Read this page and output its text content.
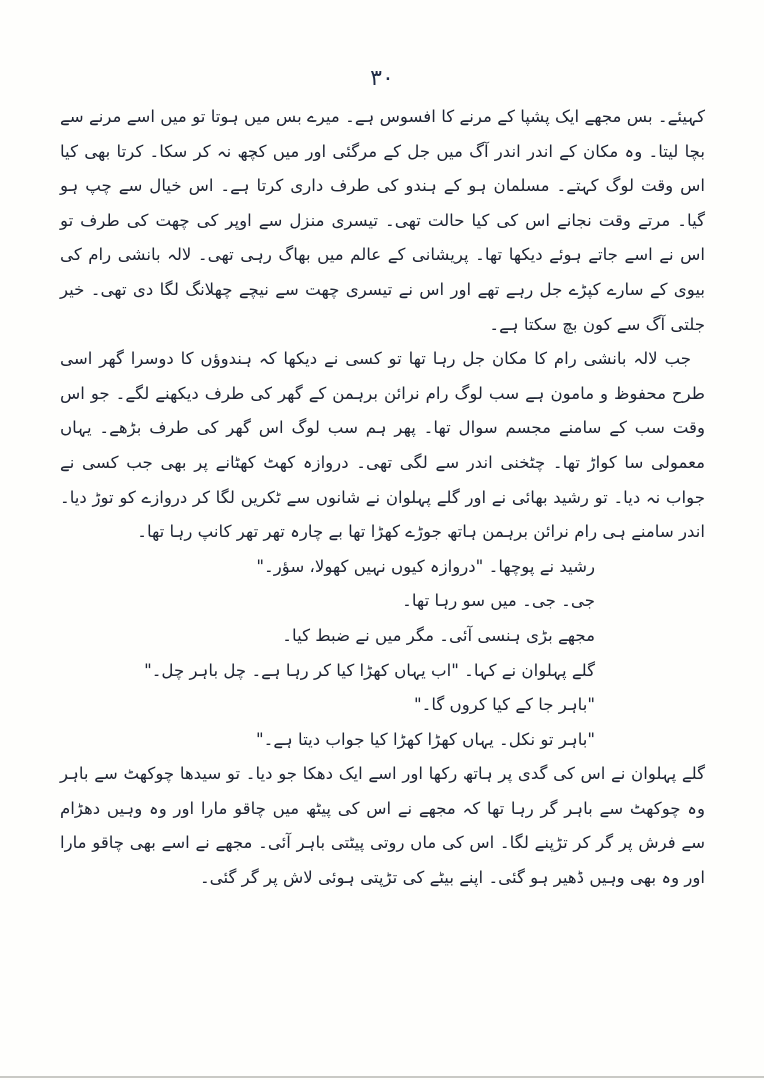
۳۰

کہیئے۔ بس مجھے ایک پشپا کے مرنے کا افسوس ہے۔ میرے بس میں ہوتا تو میں اسے مرنے سے بچا لیتا۔ وہ مکان کے اندر اندر آگ میں جل کے مرگئی اور میں کچھ نہ کر سکا۔ کرتا بھی کیا اس وقت لوگ کہتے۔ مسلمان ہو کے ہندو کی طرف داری کرتا ہے۔ اس خیال سے چپ ہو گیا۔ مرتے وقت نجانے اس کی کیا حالت تھی۔ تیسری منزل سے اوپر کی چھت کی طرف تو اس نے اسے جاتے ہوئے دیکھا تھا۔ پریشانی کے عالم میں بھاگ رہی تھی۔ لالہ بانشی رام کی بیوی کے سارے کپڑے جل رہے تھے اور اس نے تیسری چھت سے نیچے چھلانگ لگا دی تھی۔ خیر جلتی آگ سے کون بچ سکتا ہے۔

جب لالہ بانشی رام کا مکان جل رہا تھا تو کسی نے دیکھا کہ ہندوؤں کا دوسرا گھر اسی طرح محفوظ و مامون ہے سب لوگ رام نرائن برہمن کے گھر کی طرف دیکھنے لگے۔ جو اس وقت سب کے سامنے مجسم سوال تھا۔ پھر ہم سب لوگ اس گھر کی طرف بڑھے۔ یہاں معمولی سا کواڑ تھا۔ چٹخنی اندر سے لگی تھی۔ دروازہ کھٹ کھٹانے پر بھی جب کسی نے جواب نہ دیا۔ تو رشید بھائی نے اور گلے پہلوان نے شانوں سے ٹکریں لگا کر دروازے کو توڑ دیا۔ اندر سامنے ہی رام نرائن برہمن ہاتھ جوڑے کھڑا تھا بے چارہ تھر تھر کانپ رہا تھا۔

رشید نے پوچھا۔ "دروازہ کیوں نہیں کھولا، سؤر۔"

جی۔ جی۔ میں سو رہا تھا۔

مجھے بڑی ہنسی آئی۔ مگر میں نے ضبط کیا۔

گلے پہلوان نے کہا۔ "اب یہاں کھڑا کیا کر رہا ہے۔ چل باہر چل۔"

"باہر جا کے کیا کروں گا۔"

"باہر تو نکل۔ یہاں کھڑا کھڑا کیا جواب دیتا ہے۔"

گلے پہلوان نے اس کی گدی پر ہاتھ رکھا اور اسے ایک دھکا جو دیا۔ تو سیدھا چوکھٹ سے باہر وہ چوکھٹ سے باہر گر رہا تھا کہ مجھے نے اس کی پیٹھ میں چاقو مارا اور وہ وہیں دھڑام سے فرش پر گر کر تڑپنے لگا۔ اس کی ماں روتی پیٹتی باہر آئی۔ مجھے نے اسے بھی چاقو مارا اور وہ بھی وہیں ڈھیر ہو گئی۔ اپنے بیٹے کی تڑپتی ہوئی لاش پر گر گئی۔
